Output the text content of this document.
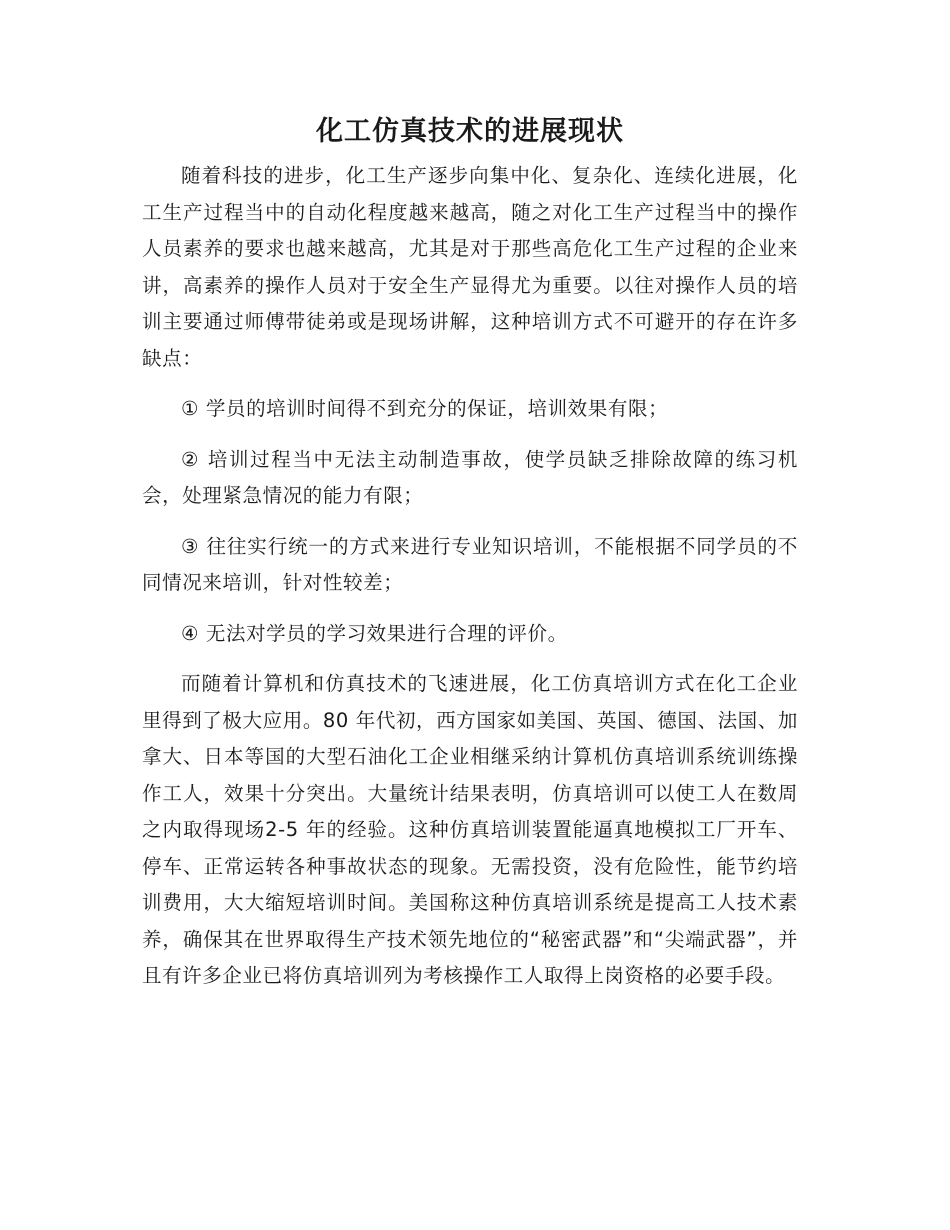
化工仿真技术的进展现状

随着科技的进步，化工生产逐步向集中化、复杂化、连续化进展，化工生产过程当中的自动化程度越来越高，随之对化工生产过程当中的操作人员素养的要求也越来越高，尤其是对于那些高危化工生产过程的企业来讲，高素养的操作人员对于安全生产显得尤为重要。以往对操作人员的培训主要通过师傅带徒弟或是现场讲解，这种培训方式不可避开的存在许多缺点：

① 学员的培训时间得不到充分的保证，培训效果有限；

② 培训过程当中无法主动制造事故，使学员缺乏排除故障的练习机会，处理紧急情况的能力有限；

③ 往往实行统一的方式来进行专业知识培训，不能根据不同学员的不同情况来培训，针对性较差；

④ 无法对学员的学习效果进行合理的评价。

而随着计算机和仿真技术的飞速进展，化工仿真培训方式在化工企业里得到了极大应用。80 年代初，西方国家如美国、英国、德国、法国、加拿大、日本等国的大型石油化工企业相继采纳计算机仿真培训系统训练操作工人，效果十分突出。大量统计结果表明，仿真培训可以使工人在数周之内取得现场2-5 年的经验。这种仿真培训装置能逼真地模拟工厂开车、停车、正常运转各种事故状态的现象。无需投资，没有危险性，能节约培训费用，大大缩短培训时间。美国称这种仿真培训系统是提高工人技术素养，确保其在世界取得生产技术领先地位的“秘密武器”和“尖端武器”，并且有许多企业已将仿真培训列为考核操作工人取得上岗资格的必要手段。
